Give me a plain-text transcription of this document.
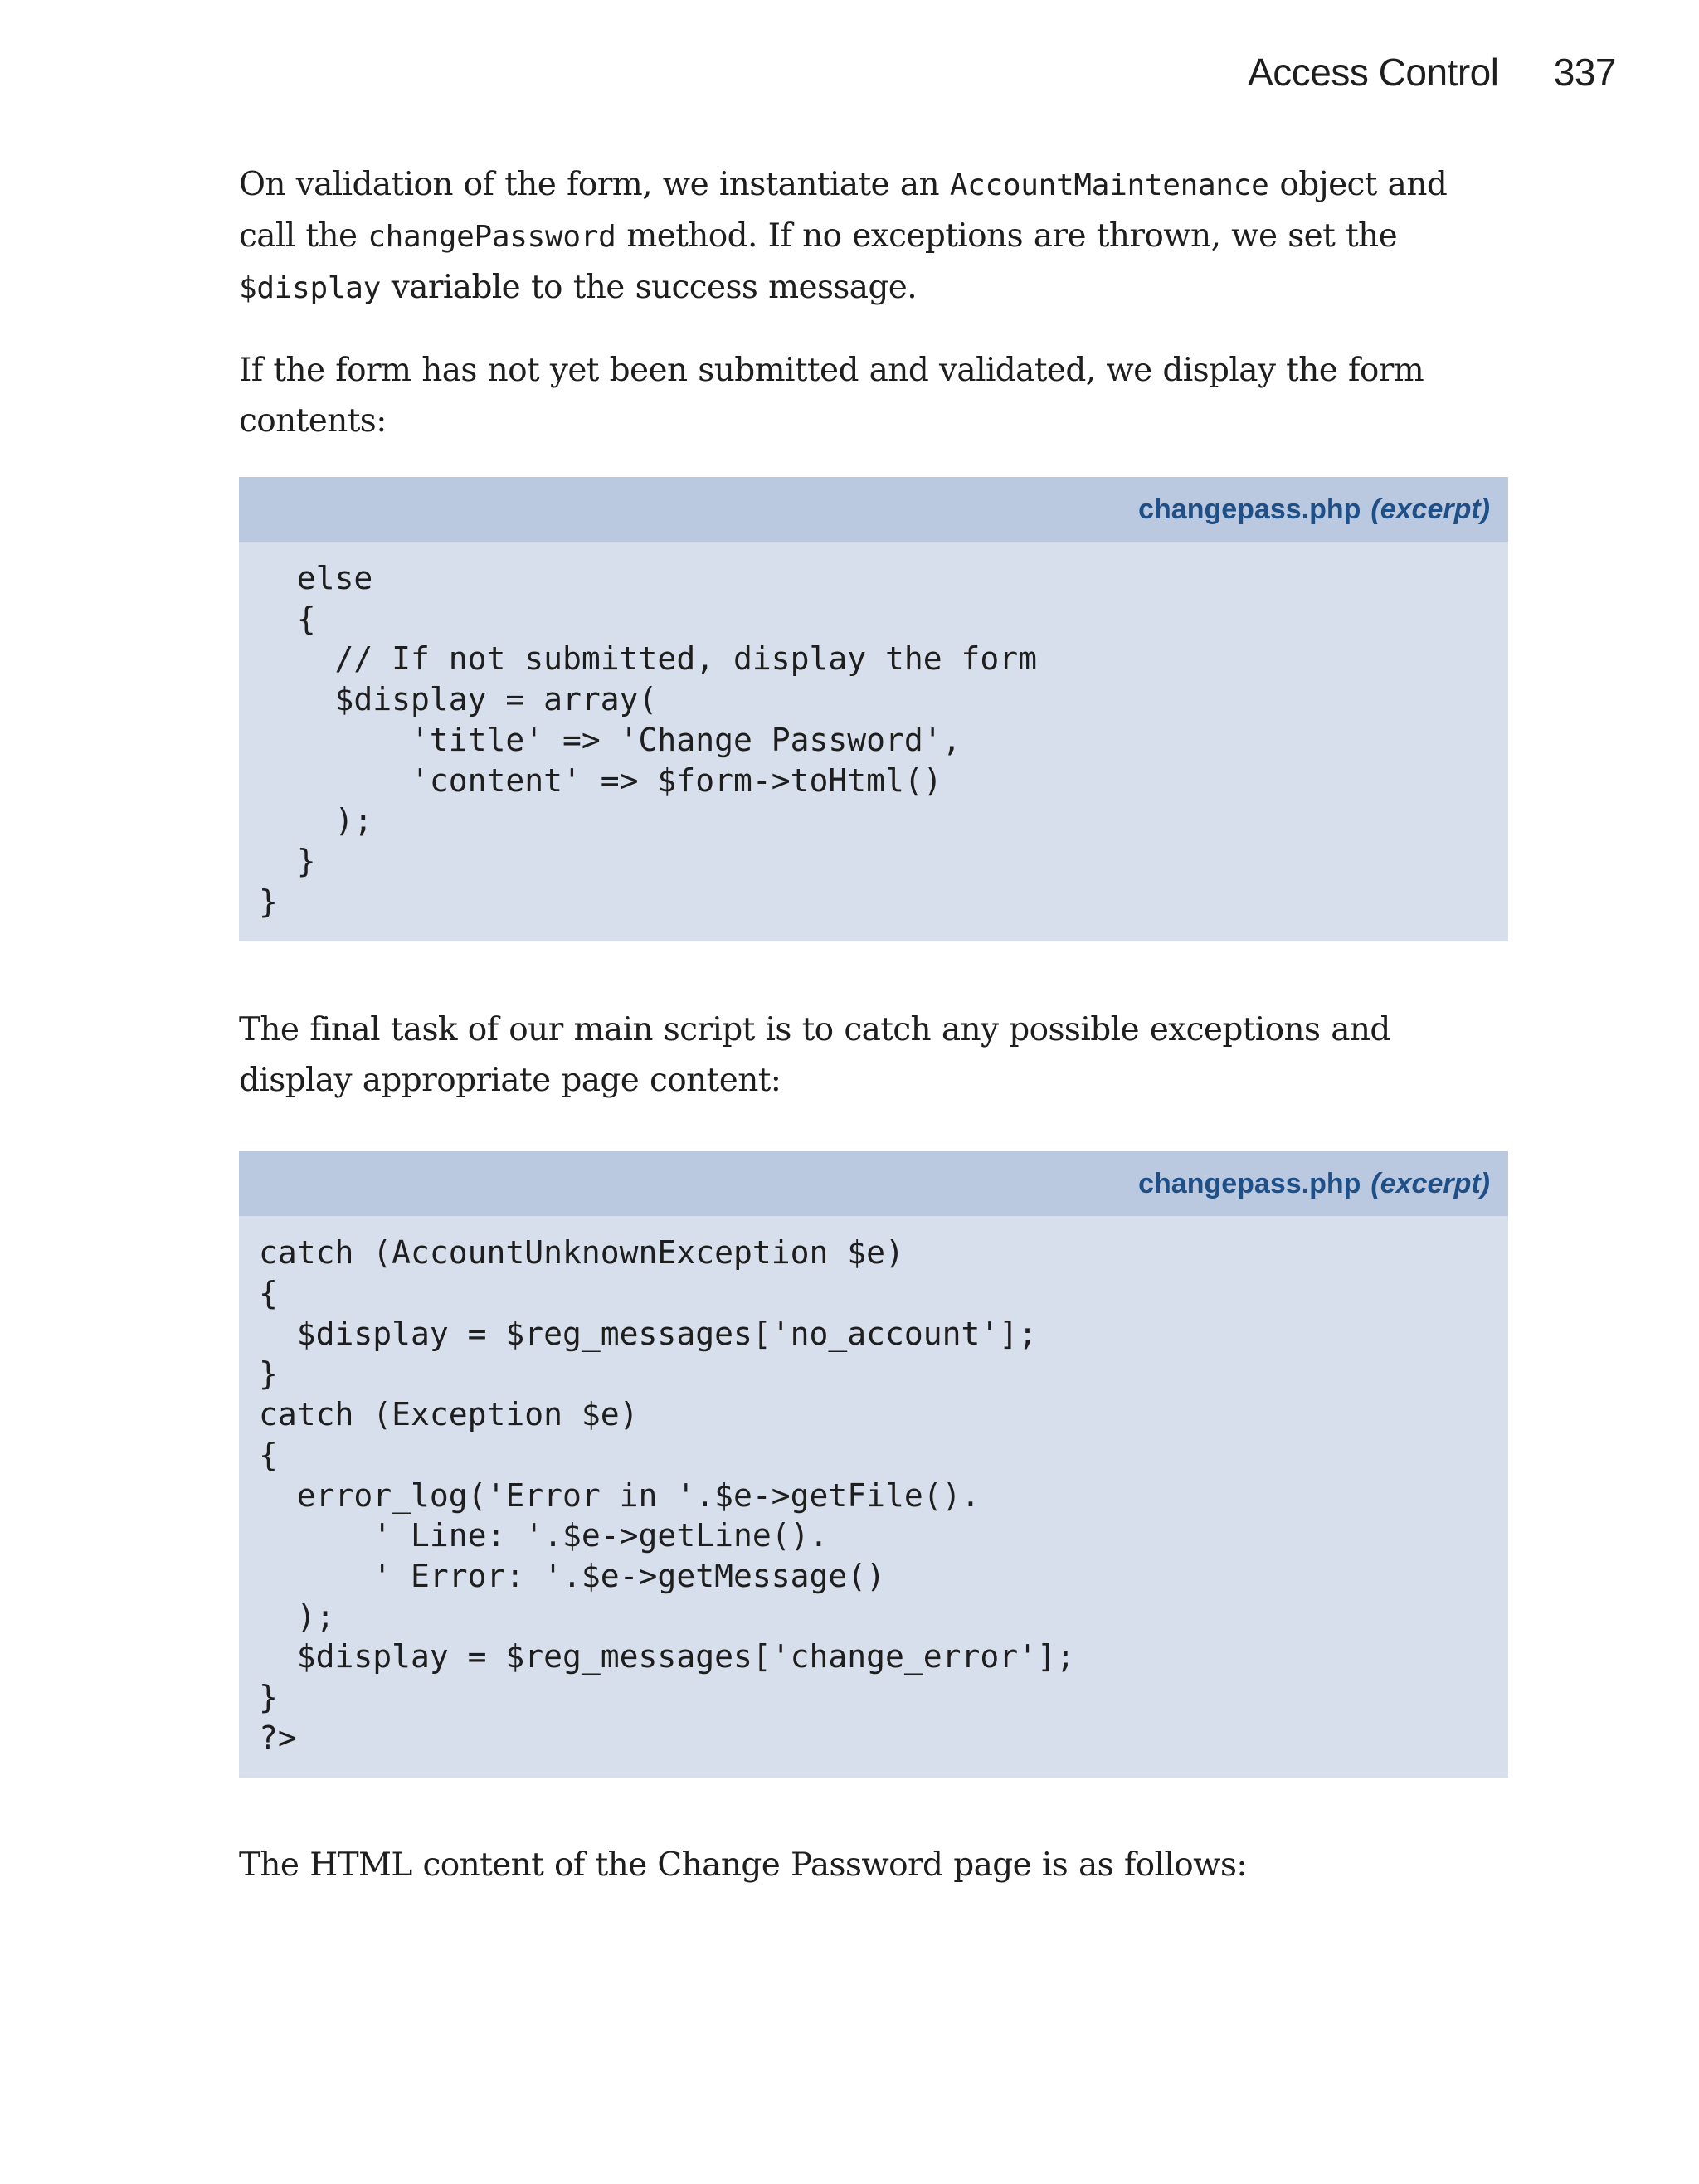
Access Control 337

On validation of the form, we instantiate an AccountMaintenance object and call the changePassword method. If no exceptions are thrown, we set the $display variable to the success message.

If the form has not yet been submitted and validated, we display the form contents:

changepass.php (excerpt)
else
{
// If not submitted, display the form
$display = array(
'title' => 'Change Password',
'content' => $form->toHtml()
);
}
}

The final task of our main script is to catch any possible exceptions and display appropriate page content:

changepass.php (excerpt)
catch (AccountUnknownException $e)
{
$display = $reg_messages['no_account'];
}
catch (Exception $e)
{
error_log('Error in '.$e->getFile().
' Line: '.$e->getLine().
' Error: '.$e->getMessage()
);
$display = $reg_messages['change_error'];
}
?>

The HTML content of the Change Password page is as follows:
